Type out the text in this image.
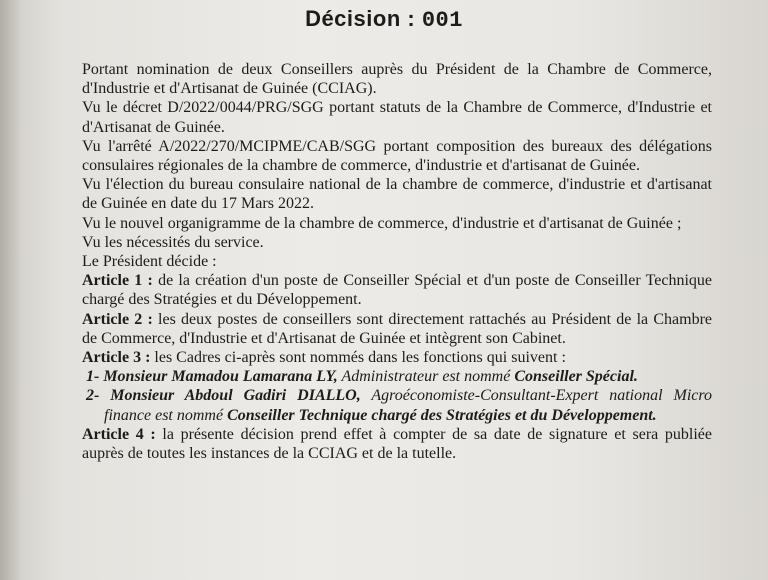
Décision : 001

Portant nomination de deux Conseillers auprès du Président de la Chambre de Commerce, d'Industrie et d'Artisanat de Guinée (CCIAG).

Vu le décret D/2022/0044/PRG/SGG portant statuts de la Chambre de Commerce, d'Industrie et d'Artisanat de Guinée.

Vu l'arrêté A/2022/270/MCIPME/CAB/SGG portant composition des bureaux des délégations consulaires régionales de la chambre de commerce, d'industrie et d'artisanat de Guinée.

Vu l'élection du bureau consulaire national de la chambre de commerce, d'industrie et d'artisanat de Guinée en date du 17 Mars 2022.

Vu le nouvel organigramme de la chambre de commerce, d'industrie et d'artisanat de Guinée ;

Vu les nécessités du service.

Le Président décide :

Article 1 : de la création d'un poste de Conseiller Spécial et d'un poste de Conseiller Technique chargé des Stratégies et du Développement.

Article 2 : les deux postes de conseillers sont directement rattachés au Président de la Chambre de Commerce, d'Industrie et d'Artisanat de Guinée et intègrent son Cabinet.

Article 3 : les Cadres ci-après sont nommés dans les fonctions qui suivent :

1- Monsieur Mamadou Lamarana LY, Administrateur est nommé Conseiller Spécial.

2- Monsieur Abdoul Gadiri DIALLO, Agroéconomiste-Consultant-Expert national Micro finance est nommé Conseiller Technique chargé des Stratégies et du Développement.

Article 4 : la présente décision prend effet à compter de sa date de signature et sera publiée auprès de toutes les instances de la CCIAG et de la tutelle.
